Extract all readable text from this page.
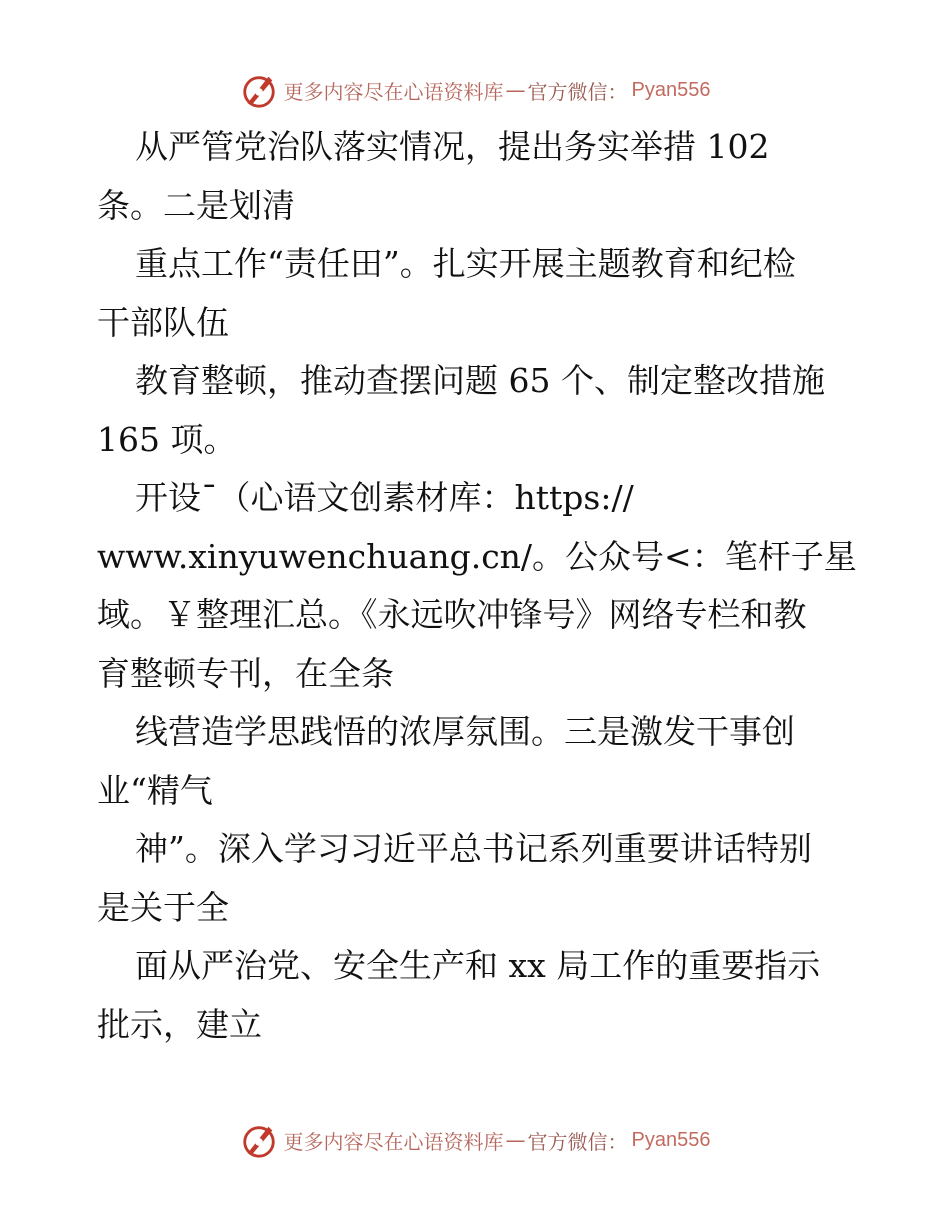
更多内容尽在心语资料库 — 官方微信： Pyan556
从严管党治队落实情况，提出务实举措 102
条。二是划清
重点工作“责任田”。扎实开展主题教育和纪检
干部队伍
教育整顿，推动查摆问题 65 个、制定整改措施
165 项。
开设¯（心语文创素材库：https://
www.xinyuwenchuang.cn/。公众号<：笔杆子星
域。￥整理汇总。《永远吹冲锋号》网络专栏和教
育整顿专刊，在全条
线营造学思践悟的浓厚氛围。三是激发干事创
业“精气
神”。深入学习习近平总书记系列重要讲话特别
是关于全
面从严治党、安全生产和 xx 局工作的重要指示
批示，建立
更多内容尽在心语资料库 — 官方微信： Pyan556
